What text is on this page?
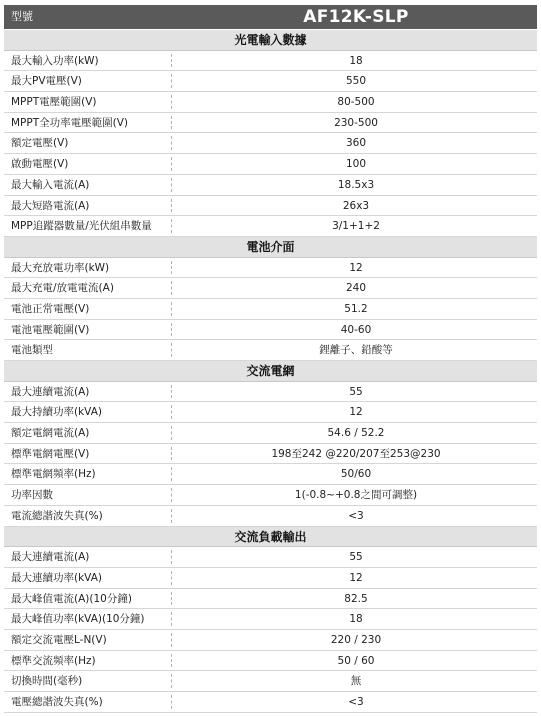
型號	AF12K-SLP
光電輸入數據
最大輸入功率(kW)	18
最大PV電壓(V)	550
MPPT電壓範圍(V)	80-500
MPPT全功率電壓範圍(V)	230-500
額定電壓(V)	360
啟動電壓(V)	100
最大輸入電流(A)	18.5x3
最大短路電流(A)	26x3
MPP追蹤器數量/光伏組串數量	3/1+1+2
電池介面
最大充放電功率(kW)	12
最大充電/放電電流(A)	240
電池正常電壓(V)	51.2
電池電壓範圍(V)	40-60
電池類型	鋰離子、鉛酸等
交流電網
最大連續電流(A)	55
最大持續功率(kVA)	12
額定電網電流(A)	54.6 / 52.2
標準電網電壓(V)	198至242 @220/207至253@230
標準電網頻率(Hz)	50/60
功率因數	1(-0.8~+0.8之間可調整)
電流總諧波失真(%)	<3
交流負載輸出
最大連續電流(A)	55
最大連續功率(kVA)	12
最大峰值電流(A)(10分鐘)	82.5
最大峰值功率(kVA)(10分鐘)	18
額定交流電壓L-N(V)	220 / 230
標準交流頻率(Hz)	50 / 60
切換時間(毫秒)	無
電壓總諧波失真(%)	<3
